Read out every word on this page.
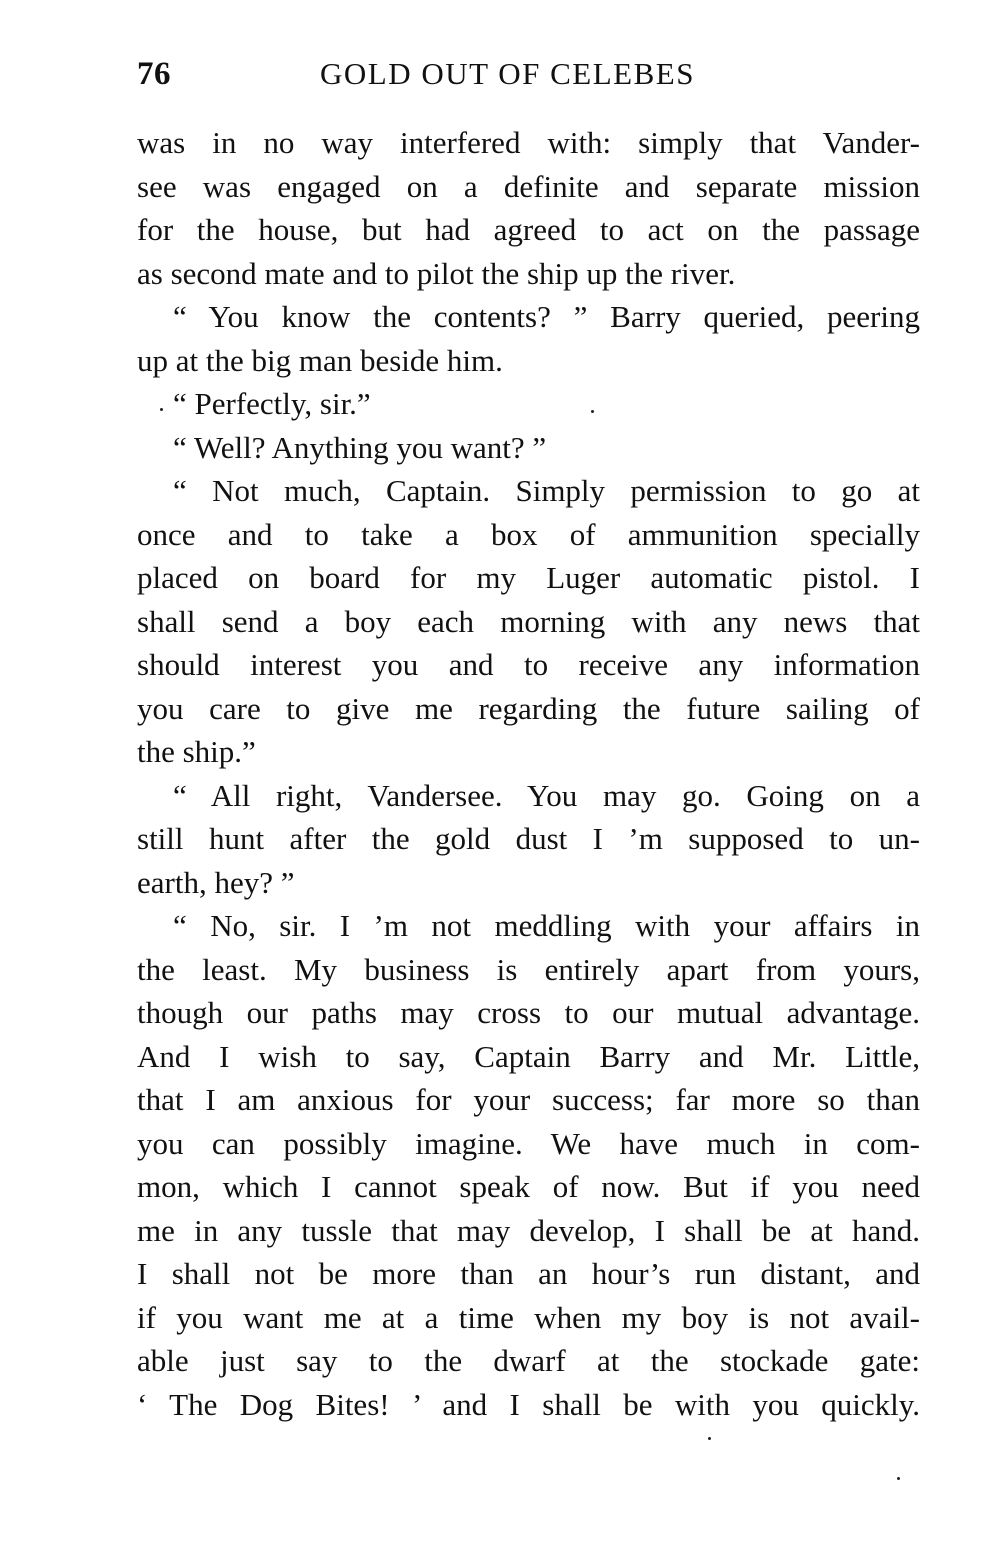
76	GOLD OUT OF CELEBES
was in no way interfered with: simply that Vander-
see was engaged on a definite and separate mission
for the house, but had agreed to act on the passage
as second mate and to pilot the ship up the river.
“ You know the contents? ” Barry queried, peering
up at the big man beside him.
“ Perfectly, sir.”
“ Well? Anything you want? ”
“ Not much, Captain. Simply permission to go at
once and to take a box of ammunition specially
placed on board for my Luger automatic pistol. I
shall send a boy each morning with any news that
should interest you and to receive any information
you care to give me regarding the future sailing of
the ship.”
“ All right, Vandersee. You may go. Going on a
still hunt after the gold dust I ’m supposed to un-
earth, hey? ”
“ No, sir. I ’m not meddling with your affairs in
the least. My business is entirely apart from yours,
though our paths may cross to our mutual advantage.
And I wish to say, Captain Barry and Mr. Little,
that I am anxious for your success; far more so than
you can possibly imagine. We have much in com-
mon, which I cannot speak of now. But if you need
me in any tussle that may develop, I shall be at hand.
I shall not be more than an hour’s run distant, and
if you want me at a time when my boy is not avail-
able just say to the dwarf at the stockade gate:
‘ The Dog Bites! ’ and I shall be with you quickly.
